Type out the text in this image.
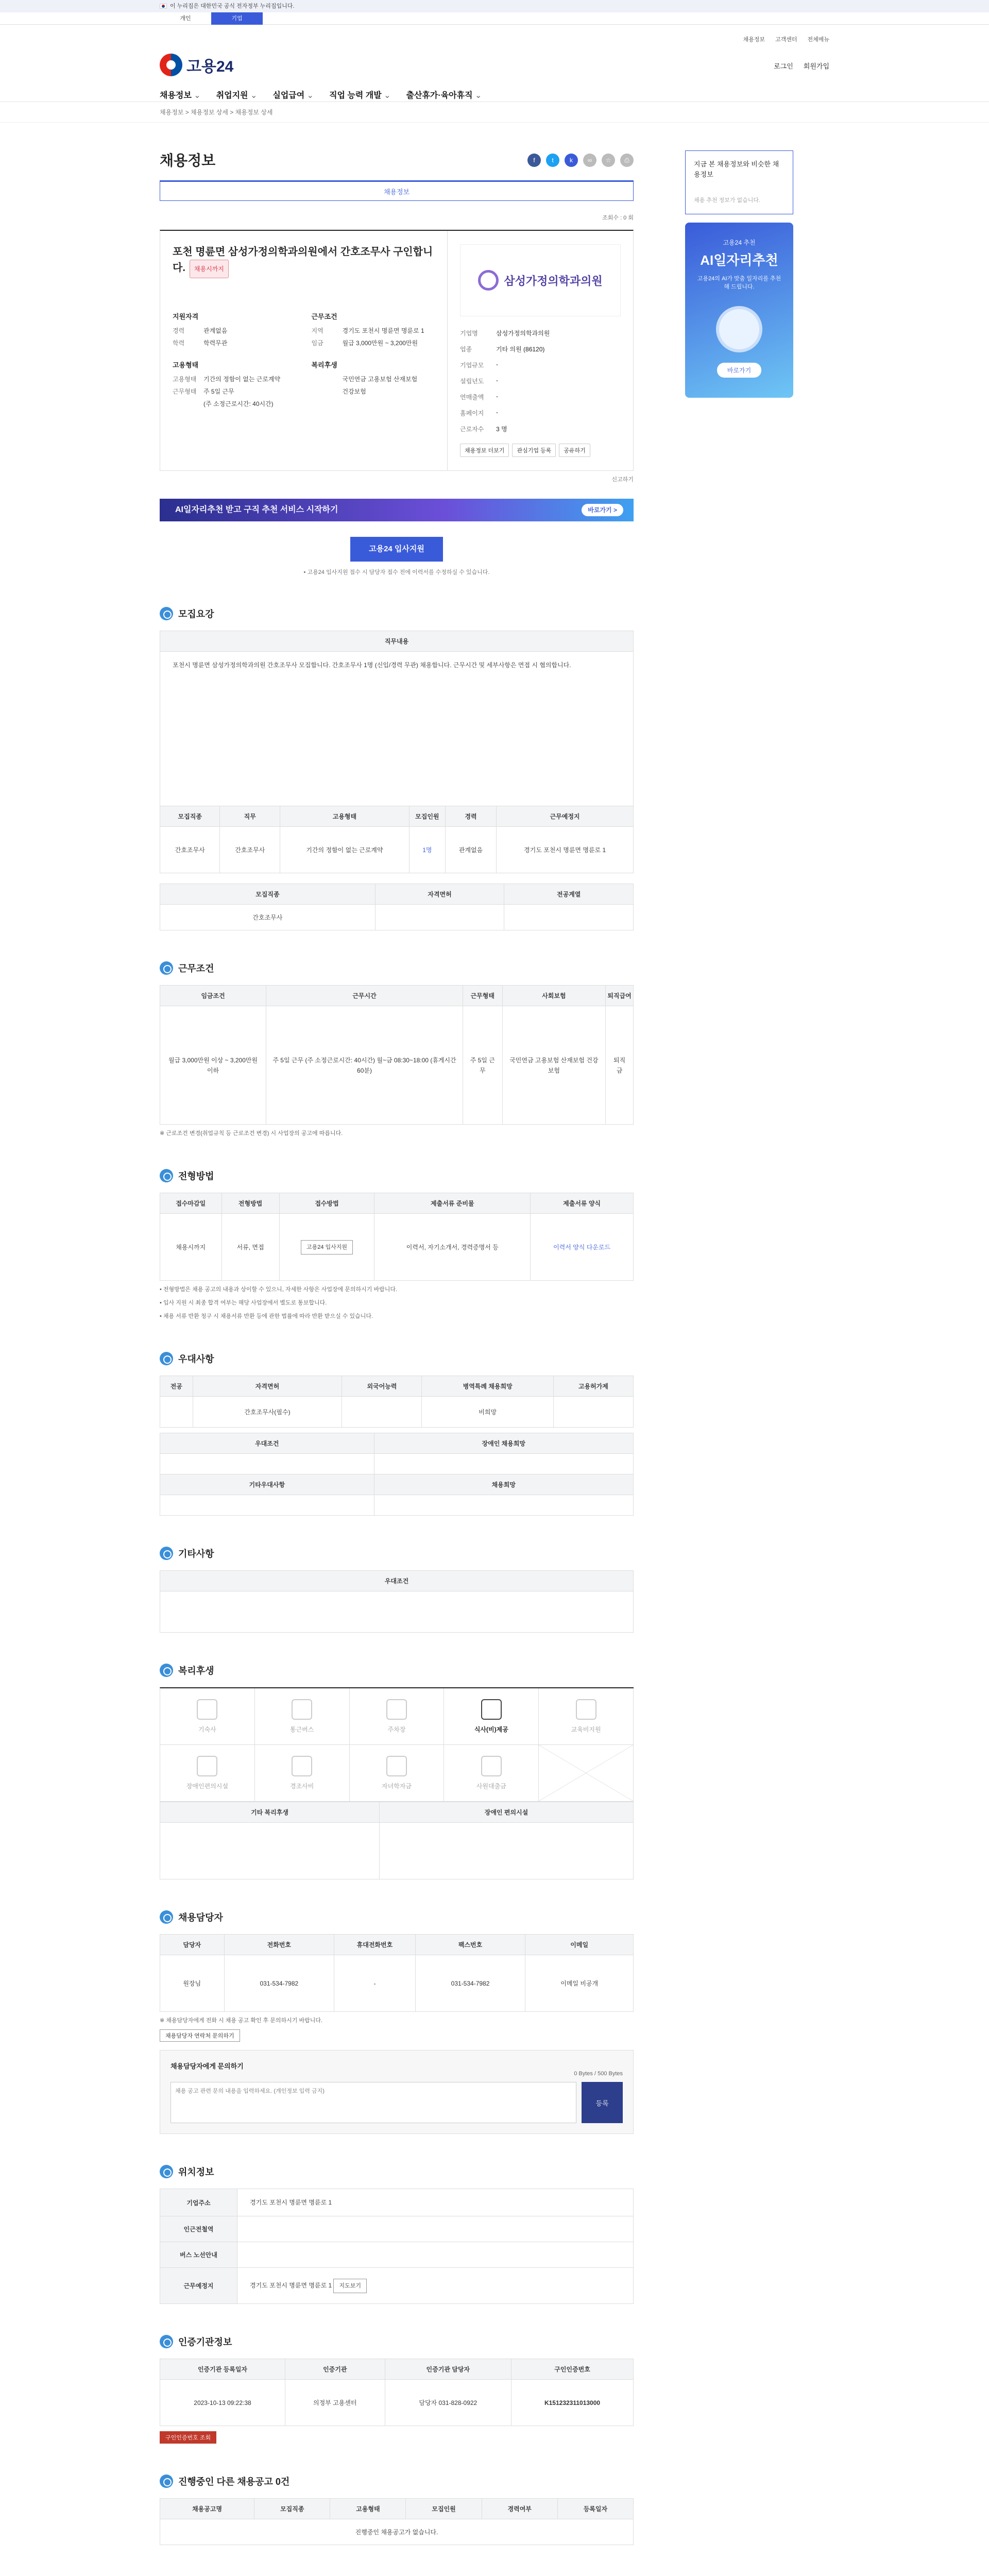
이 누리집은 대한민국 공식 전자정부 누리집입니다.
개인	기업
채용정보 고객센터 전체메뉴
고용24	로그인 회원가입
채용정보 ⌄	취업지원 ⌄	실업급여 ⌄	직업 능력 개발 ⌄	출산휴가·육아휴직 ⌄
채용정보 > 채용정보 상세 > 채용정보 상세
채용정보	f	t	k	∞	☆	⎙
채용정보
조회수 : 0 회
포천 명륜면 삼성가정의학과의원에서 간호조무사 구인합니다. 채용시까지
지원자격
경력	관계없음
학력	학력무관
고용형태
고용형태	기간의 정함이 없는 근로계약
근무형태	주 5일 근무
(주 소정근로시간: 40시간)
근무조건
지역	경기도 포천시 명륜면 명륜로 1
임금	월급 3,000만원 ~ 3,200만원
복리후생
국민연금 고용보험 산재보험
건강보험
삼성가정의학과의원
기업명	삼성가정의학과의원
업종	기타 의원 (86120)
기업규모	-
설립년도	-
연매출액	-
홈페이지	-
근로자수	3 명
채용정보 더보기	관심기업 등록	공유하기
신고하기
AI일자리추천 받고 구직 추천 서비스 시작하기	바로가기 >
고용24 입사지원
• 고용24 입사지원 접수 시 담당자 접수 전에 이력서를 수정하실 수 있습니다.
모집요강
직무내용					
포천시 명륜면 삼성가정의학과의원 간호조무사 모집합니다. 간호조무사 1명 (신입/경력 무관) 채용합니다. 근무시간 및 세부사항은 면접 시 협의합니다.					
모집직종	직무	고용형태	모집인원	경력	근무예정지
간호조무사	간호조무사	기간의 정함이 없는 근로계약	1명	관계없음	경기도 포천시 명륜면 명륜로 1
모집직종	자격면허	전공계열
간호조무사		
근무조건
임금조건	근무시간	근무형태	사회보험	퇴직급여
월급 3,000만원 이상 ~ 3,200만원 이하	주 5일 근무 (주 소정근로시간: 40시간) 월~금 08:30~18:00 (휴게시간 60분)	주 5일 근무	국민연금 고용보험 산재보험 건강보험	퇴직금

※ 근로조건 변경(취업규칙 등 근로조건 변경) 시 사업장의 공고에 따릅니다.

전형방법
접수마감일	전형방법	접수방법	제출서류 준비물	제출서류 양식
채용시까지	서류, 면접	고용24 입사지원	이력서, 자기소개서, 경력증명서 등	이력서 양식 다운로드

• 전형방법은 채용 공고의 내용과 상이할 수 있으니, 자세한 사항은 사업장에 문의하시기 바랍니다.

• 입사 지원 시 최종 합격 여부는 해당 사업장에서 별도로 통보합니다.

• 채용 서류 반환 청구 시 채용서류 반환 등에 관한 법률에 따라 반환 받으실 수 있습니다.

우대사항
전공	자격면허	외국어능력	병역특례 채용희망	고용허가제
	간호조무사(필수)		비희망	
우대조건	장애인 채용희망

기타우대사항	채용희망

기타사항
우대조건

복리후생
기숙사	통근버스	주차장	식사(비)제공	교육비지원
장애인편의시설	경조사비	자녀학자금	사원대출금
기타 복리후생	장애인 편의시설

채용담당자
담당자	전화번호	휴대전화번호	팩스번호	이메일
원장님	031-534-7982	-	031-534-7982	이메일 비공개

※ 채용담당자에게 전화 시 채용 공고 확인 후 문의하시기 바랍니다.

채용담당자 연락처 문의하기
채용담당자에게 문의하기
0 Bytes / 500 Bytes
채용 공고 관련 문의 내용을 입력하세요. (개인정보 입력 금지)
등록
위치정보
기업주소	경기도 포천시 명륜면 명륜로 1
인근전철역	
버스 노선안내	
근무예정지	경기도 포천시 명륜면 명륜로 1 지도보기
인증기관정보
인증기관 등록일자	인증기관	인증기관 담당자	구인인증번호
2023-10-13 09:22:38	의정부 고용센터	담당자 031-828-0922	K151232311013000
구인인증번호 조회
진행중인 다른 채용공고 0건
채용공고명	모집직종	고용형태	모집인원	경력여부	등록일자
진행중인 채용공고가 없습니다.
지금 본 채용정보와 비슷한 채용정보
채용 추천 정보가 없습니다.
고용24 추천
AI일자리추천
고용24의 AI가 맞춤 일자리를 추천해 드립니다.
바로가기
